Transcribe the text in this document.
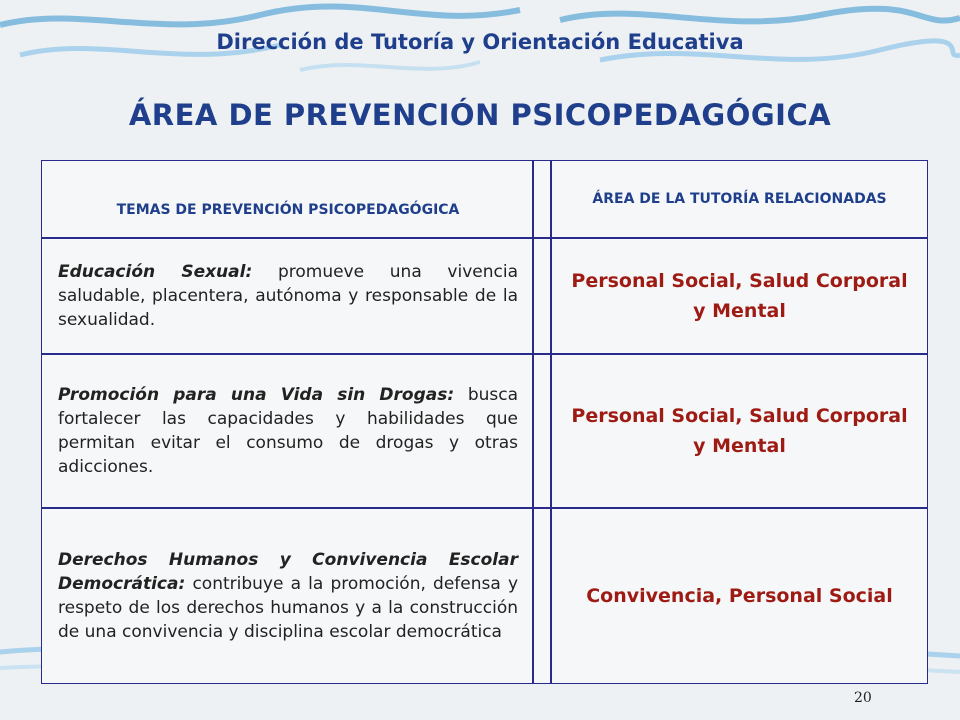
Dirección de Tutoría y Orientación Educativa
ÁREA DE PREVENCIÓN PSICOPEDAGÓGICA
TEMAS DE PREVENCIÓN PSICOPEDAGÓGICA		ÁREA DE LA TUTORÍA RELACIONADAS

Educación Sexual: promueve una vivencia saludable, placentera, autónoma y responsable de la sexualidad.		Personal Social, Salud Corporal y Mental

Promoción para una Vida sin Drogas: busca fortalecer las capacidades y habilidades que permitan evitar el consumo de drogas y otras adicciones.		Personal Social, Salud Corporal y Mental

Derechos Humanos y Convivencia Escolar Democrática: contribuye a la promoción, defensa y respeto de los derechos humanos y a la construcción de una convivencia y disciplina escolar democrática		Convivencia, Personal Social
20
